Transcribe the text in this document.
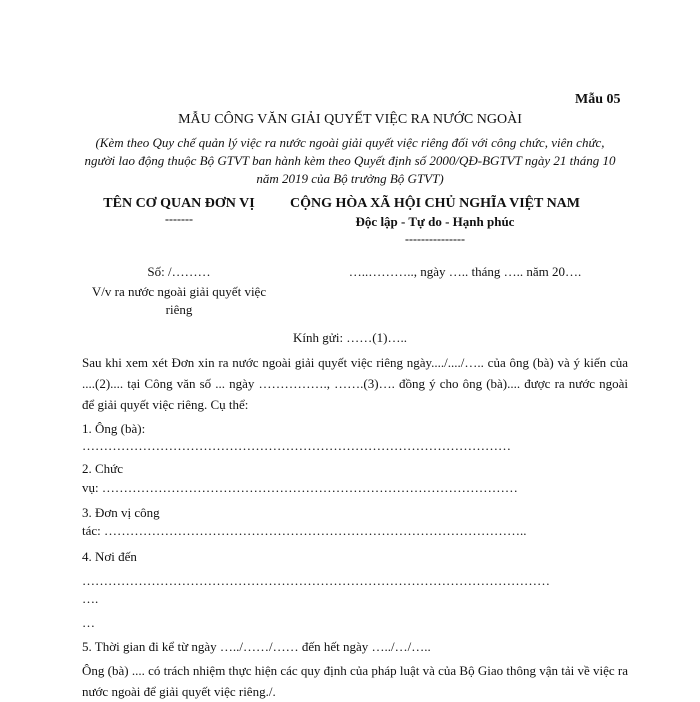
Mẫu 05
MẪU CÔNG VĂN GIẢI QUYẾT VIỆC RA NƯỚC NGOÀI
(Kèm theo Quy chế quản lý việc ra nước ngoài giải quyết việc riêng đối với công chức, viên chức, người lao động thuộc Bộ GTVT ban hành kèm theo Quyết định số 2000/QĐ-BGTVT ngày 21 tháng 10 năm 2019 của Bộ trưởng Bộ GTVT)
TÊN CƠ QUAN ĐƠN VỊ
-------
CỘNG HÒA XÃ HỘI CHỦ NGHĨA VIỆT NAM
Độc lập - Tự do - Hạnh phúc
---------------
Số: /………	…..……….., ngày ….. tháng ….. năm 20….
V/v ra nước ngoài giải quyết việc riêng
Kính gửi: ……(1)…..
Sau khi xem xét Đơn xin ra nước ngoài giải quyết việc riêng ngày..../..../….. của ông (bà) và ý kiến của ....(2).... tại Công văn số ... ngày ……………., …….(3)…. đồng ý cho ông (bà).... được ra nước ngoài để giải quyết việc riêng. Cụ thể:
1. Ông (bà):
………………………………………………………………………………………
2. Chức
vụ: ……………………………………………………………………………………
3. Đơn vị công
tác: ……………………………………………………………………………………..
4. Nơi đến
………………………………………………………………………………………………
….
…
5. Thời gian đi kể từ ngày …../……/…… đến hết ngày …../…/…..
Ông (bà) .... có trách nhiệm thực hiện các quy định của pháp luật và của Bộ Giao thông vận tải về việc ra nước ngoài để giải quyết việc riêng./.
